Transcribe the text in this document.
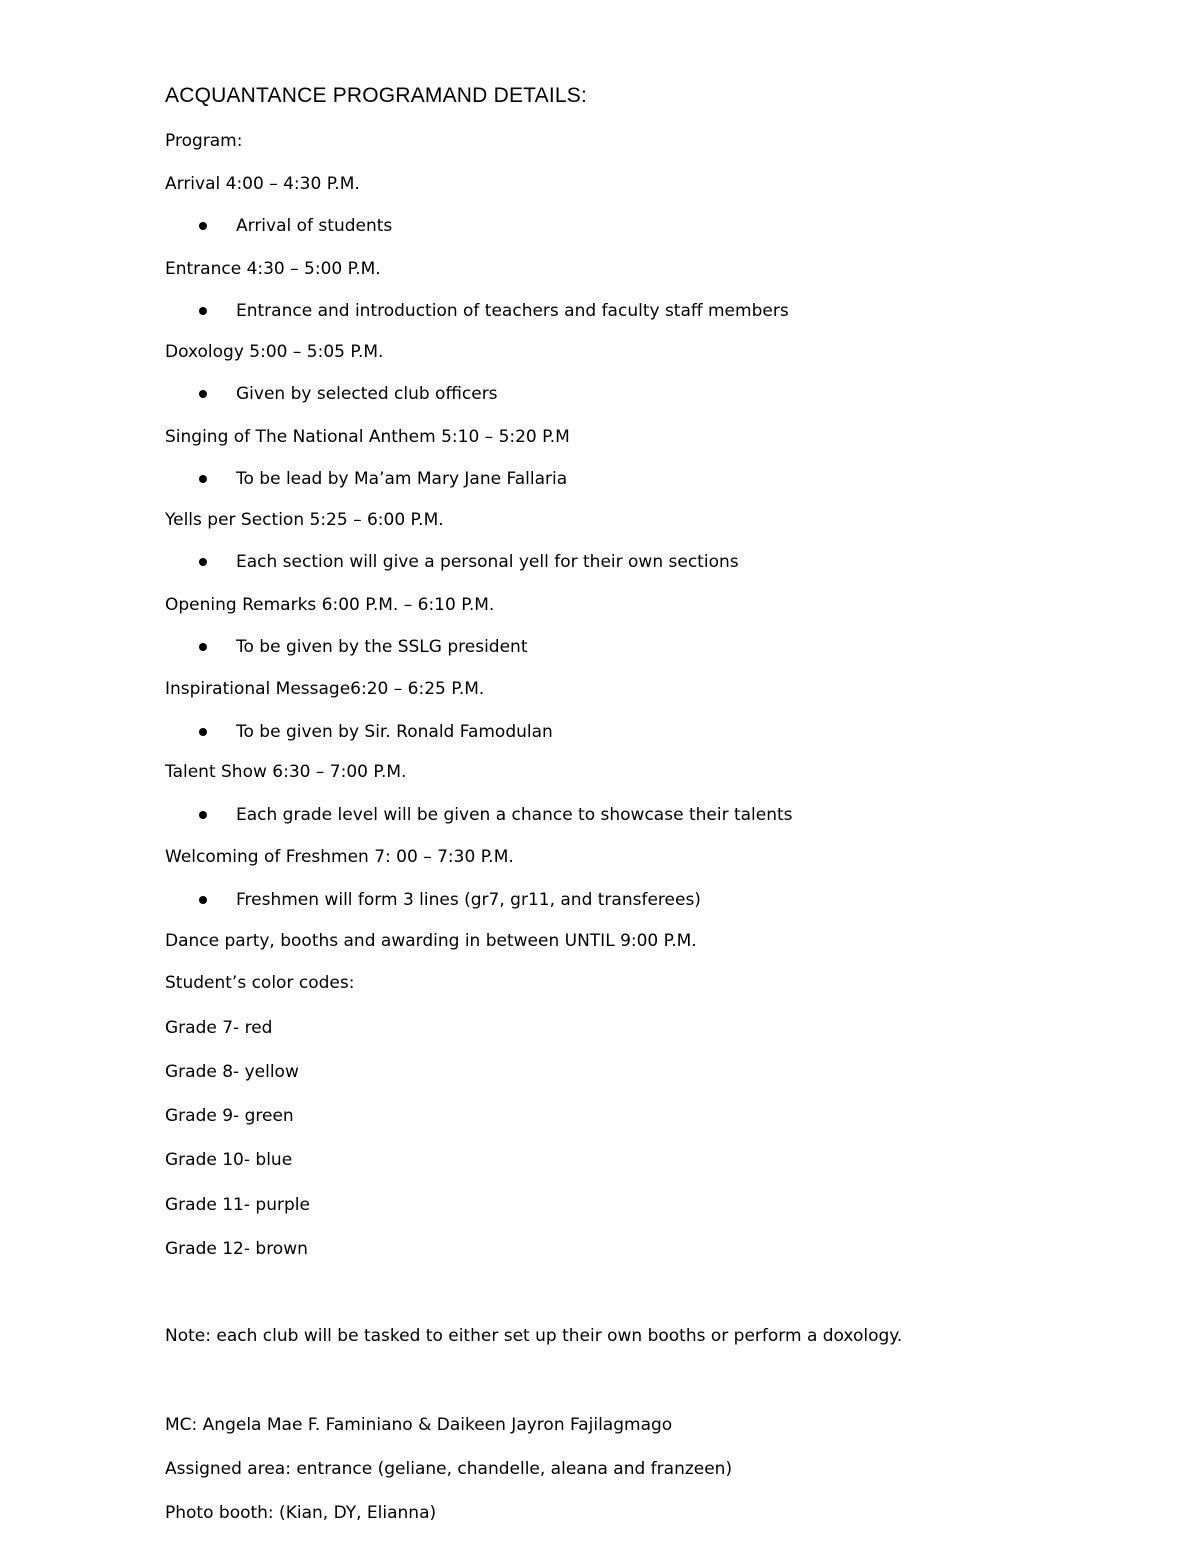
ACQUANTANCE PROGRAMAND DETAILS:
Program:
Arrival 4:00 – 4:30 P.M.
Arrival of students
Entrance 4:30 – 5:00 P.M.
Entrance and introduction of teachers and faculty staff members
Doxology 5:00 – 5:05 P.M.
Given by selected club officers
Singing of The National Anthem 5:10 – 5:20 P.M
To be lead by Ma’am Mary Jane Fallaria
Yells per Section 5:25 – 6:00 P.M.
Each section will give a personal yell for their own sections
Opening Remarks 6:00 P.M. – 6:10 P.M.
To be given by the SSLG president
Inspirational Message6:20 – 6:25 P.M.
To be given by Sir. Ronald Famodulan
Talent Show 6:30 – 7:00 P.M.
Each grade level will be given a chance to showcase their talents
Welcoming of Freshmen 7: 00 – 7:30 P.M.
Freshmen will form 3 lines (gr7, gr11, and transferees)
Dance party, booths and awarding in between UNTIL 9:00 P.M.
Student’s color codes:
Grade 7- red
Grade 8- yellow
Grade 9- green
Grade 10- blue
Grade 11- purple
Grade 12- brown
Note: each club will be tasked to either set up their own booths or perform a doxology.
MC: Angela Mae F. Faminiano & Daikeen Jayron Fajilagmago
Assigned area: entrance (geliane, chandelle, aleana and franzeen)
Photo booth: (Kian, DY, Elianna)
